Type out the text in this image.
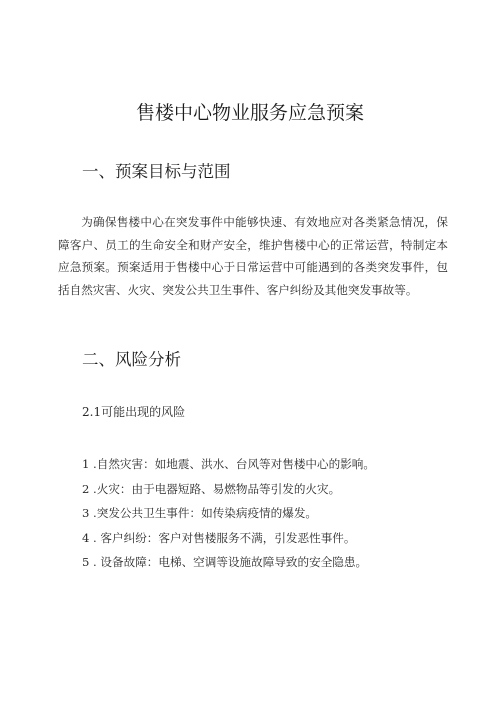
售楼中心物业服务应急预案
一、预案目标与范围

为确保售楼中心在突发事件中能够快速、有效地应对各类紧急情况，保障客户、员工的生命安全和财产安全，维护售楼中心的正常运营，特制定本应急预案。预案适用于售楼中心于日常运营中可能遇到的各类突发事件，包括自然灾害、火灾、突发公共卫生事件、客户纠纷及其他突发事故等。

二、风险分析
2.1可能出现的风险
1 .自然灾害：如地震、洪水、台风等对售楼中心的影响。
2 .火灾：由于电器短路、易燃物品等引发的火灾。
3 .突发公共卫生事件：如传染病疫情的爆发。
4 . 客户纠纷：客户对售楼服务不满，引发恶性事件。
5 . 设备故障：电梯、空调等设施故障导致的安全隐患。
